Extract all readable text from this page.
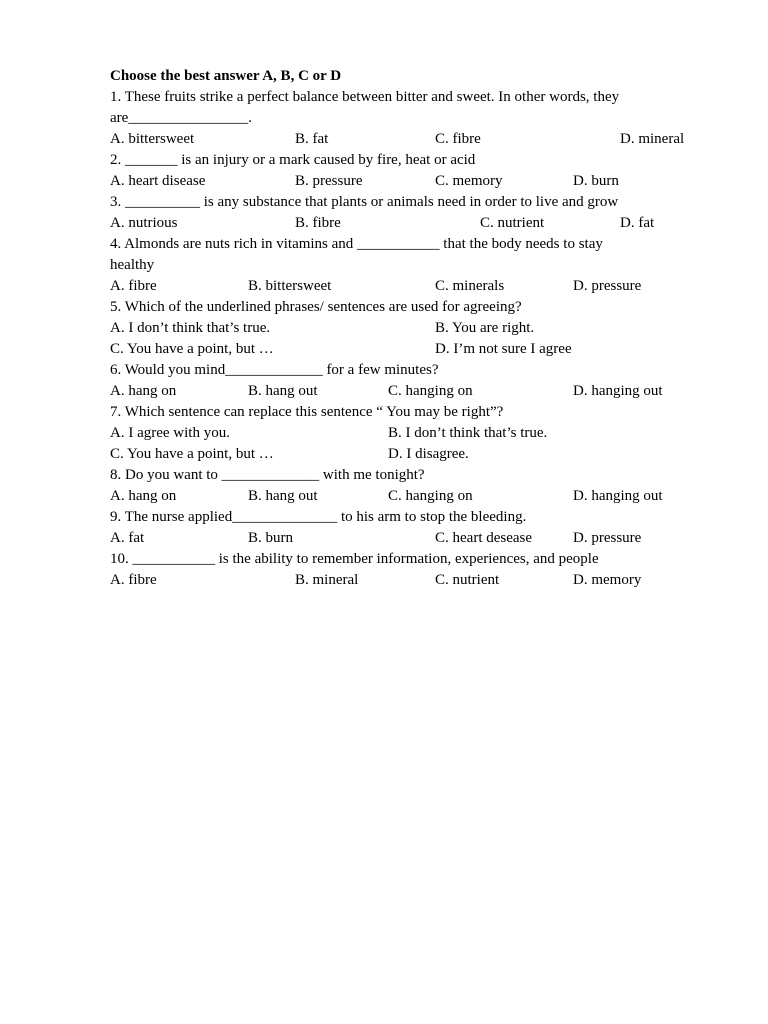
Choose the best answer A, B, C or D
1. These fruits strike a perfect balance between bitter and sweet. In other words, they
are________________.
A. bittersweet	B. fat	C. fibre	D. mineral
2. _______ is an injury or a mark caused by fire, heat or acid
A. heart disease	B. pressure	C. memory	D. burn
3. __________ is any substance that plants or animals need in order to live and grow
A. nutrious	B. fibre	C. nutrient	D. fat
4. Almonds are nuts rich in vitamins and ___________ that the body needs to stay
healthy
A. fibre	B. bittersweet	C. minerals	D. pressure
5. Which of the underlined phrases/ sentences are used for agreeing?
A. I don’t think that’s true.	B. You are right.
C. You have a point, but …	D. I’m not sure I agree
6. Would you mind_____________ for a few minutes?
A. hang on	B. hang out	C. hanging on	D. hanging out
7. Which sentence can replace this sentence “ You may be right”?
A. I agree with you.	B. I don’t think that’s true.
C. You have a point, but …	D. I disagree.
8. Do you want to _____________ with me tonight?
A. hang on	B. hang out	C. hanging on	D. hanging out
9. The nurse applied______________ to his arm to stop the bleeding.
A. fat	B. burn	C. heart desease	D. pressure
10. ___________ is the ability to remember information, experiences, and people
A. fibre	B. mineral	C. nutrient	D. memory
